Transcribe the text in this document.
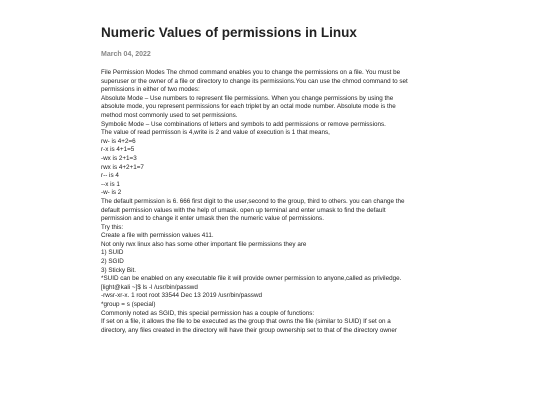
Numeric Values of permissions in Linux
March 04, 2022
File Permission Modes The chmod command enables you to change the permissions on a file. You must be
superuser or the owner of a file or directory to change its permissions.You can use the chmod command to set
permissions in either of two modes:
Absolute Mode – Use numbers to represent file permissions. When you change permissions by using the
absolute mode, you represent permissions for each triplet by an octal mode number. Absolute mode is the
method most commonly used to set permissions.
Symbolic Mode – Use combinations of letters and symbols to add permissions or remove permissions.
The value of read permisson is 4,write is 2 and value of execution is 1 that means,
rw- is 4+2=6
r-x is 4+1=5
-wx is 2+1=3
rwx is 4+2+1=7
r-- is 4
--x is 1
-w- is 2
The default permission is 6. 666 first digit to the user,second to the group, third to others. you can change the
default permission values with the help of umask. open up terminal and enter umask to find the default
permission and to change it enter umask then the numeric value of permissions.
Try this:
Create a file with permission values 411.
Not only rwx linux also has some other important file permissions they are
1) SUID
2) SGID
3) Sticky Bit.
*SUID can be enabled on any executable file it will provide owner permission to anyone,called as priviledge.
[light@kali ~]$ ls -l /usr/bin/passwd
-rwsr-xr-x. 1 root root 33544 Dec 13 2019 /usr/bin/passwd
*group = s (special)
Commonly noted as SGID, this special permission has a couple of functions:
If set on a file, it allows the file to be executed as the group that owns the file (similar to SUID) If set on a
directory, any files created in the directory will have their group ownership set to that of the directory owner
